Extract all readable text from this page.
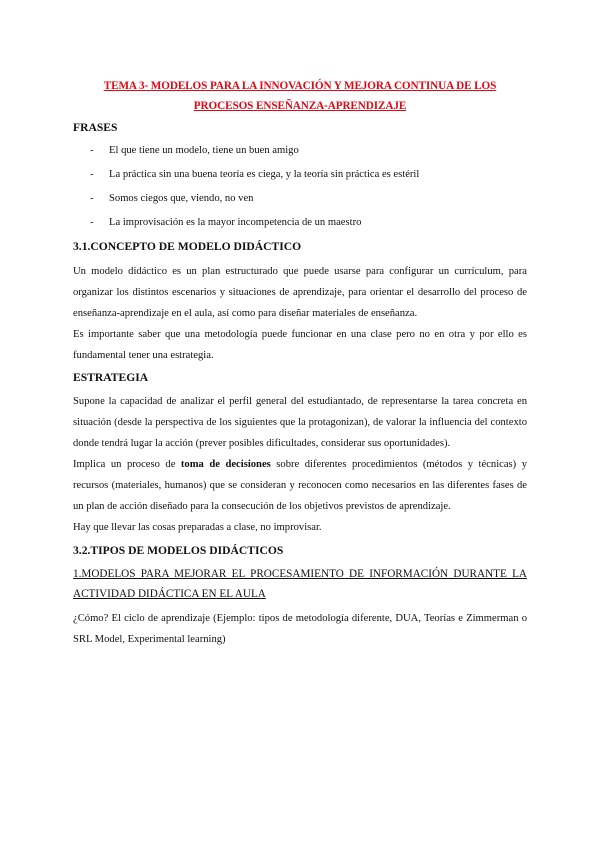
TEMA 3- MODELOS PARA LA INNOVACIÓN Y MEJORA CONTINUA DE LOS
PROCESOS ENSEÑANZA-APRENDIZAJE
FRASES
- El que tiene un modelo, tiene un buen amigo
- La práctica sin una buena teoría es ciega, y la teoría sin práctica es estéril
- Somos ciegos que, viendo, no ven
- La improvisación es la mayor incompetencia de un maestro
3.1.CONCEPTO DE MODELO DIDÁCTICO

Un modelo didáctico es un plan estructurado que puede usarse para configurar un currículum, para organizar los distintos escenarios y situaciones de aprendizaje, para orientar el desarrollo del proceso de enseñanza-aprendizaje en el aula, así como para diseñar materiales de enseñanza.

Es importante saber que una metodología puede funcionar en una clase pero no en otra y por ello es fundamental tener una estrategia.

ESTRATEGIA

Supone la capacidad de analizar el perfil general del estudiantado, de representarse la tarea concreta en situación (desde la perspectiva de los siguientes que la protagonizan), de valorar la influencia del contexto donde tendrá lugar la acción (prever posibles dificultades, considerar sus oportunidades).

Implica un proceso de toma de decisiones sobre diferentes procedimientos (métodos y técnicas) y recursos (materiales, humanos) que se consideran y reconocen como necesarios en las diferentes fases de un plan de acción diseñado para la consecución de los objetivos previstos de aprendizaje.

Hay que llevar las cosas preparadas a clase, no improvisar.

3.2.TIPOS DE MODELOS DIDÁCTICOS

1.MODELOS PARA MEJORAR EL PROCESAMIENTO DE INFORMACIÓN DURANTE LA ACTIVIDAD DIDÁCTICA EN EL AULA

¿Cómo? El ciclo de aprendizaje (Ejemplo: tipos de metodología diferente, DUA, Teorías e Zimmerman o SRL Model, Experimental learning)
